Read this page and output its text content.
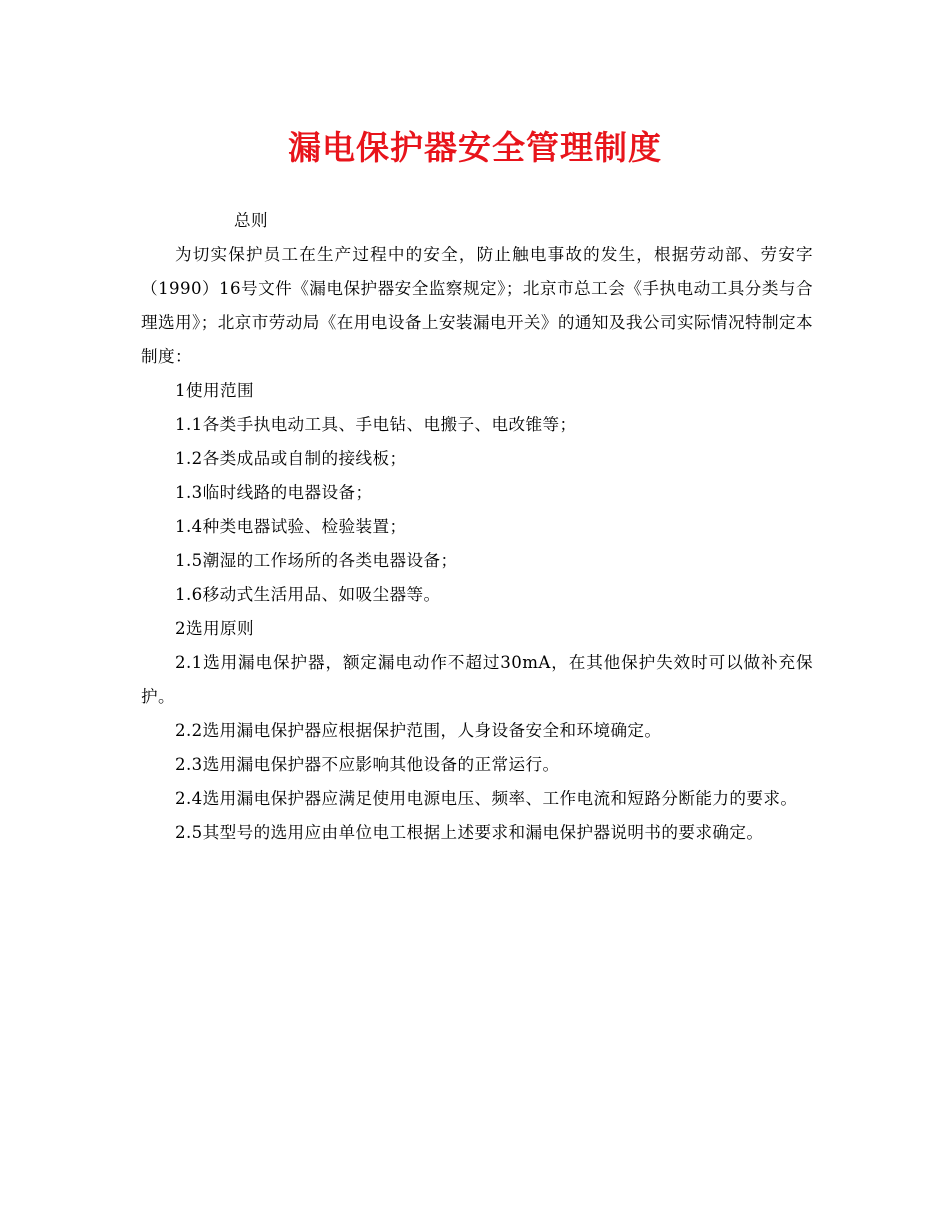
漏电保护器安全管理制度

总则

为切实保护员工在生产过程中的安全，防止触电事故的发生，根据劳动部、劳安字（1990）16号文件《漏电保护器安全监察规定》；北京市总工会《手执电动工具分类与合理选用》；北京市劳动局《在用电设备上安装漏电开关》的通知及我公司实际情况特制定本制度：

1使用范围

1.1各类手执电动工具、手电钻、电搬子、电改锥等；

1.2各类成品或自制的接线板；

1.3临时线路的电器设备；

1.4种类电器试验、检验装置；

1.5潮湿的工作场所的各类电器设备；

1.6移动式生活用品、如吸尘器等。

2选用原则

2.1选用漏电保护器，额定漏电动作不超过30mA，在其他保护失效时可以做补充保护。

2.2选用漏电保护器应根据保护范围，人身设备安全和环境确定。

2.3选用漏电保护器不应影响其他设备的正常运行。

2.4选用漏电保护器应满足使用电源电压、频率、工作电流和短路分断能力的要求。

2.5其型号的选用应由单位电工根据上述要求和漏电保护器说明书的要求确定。
